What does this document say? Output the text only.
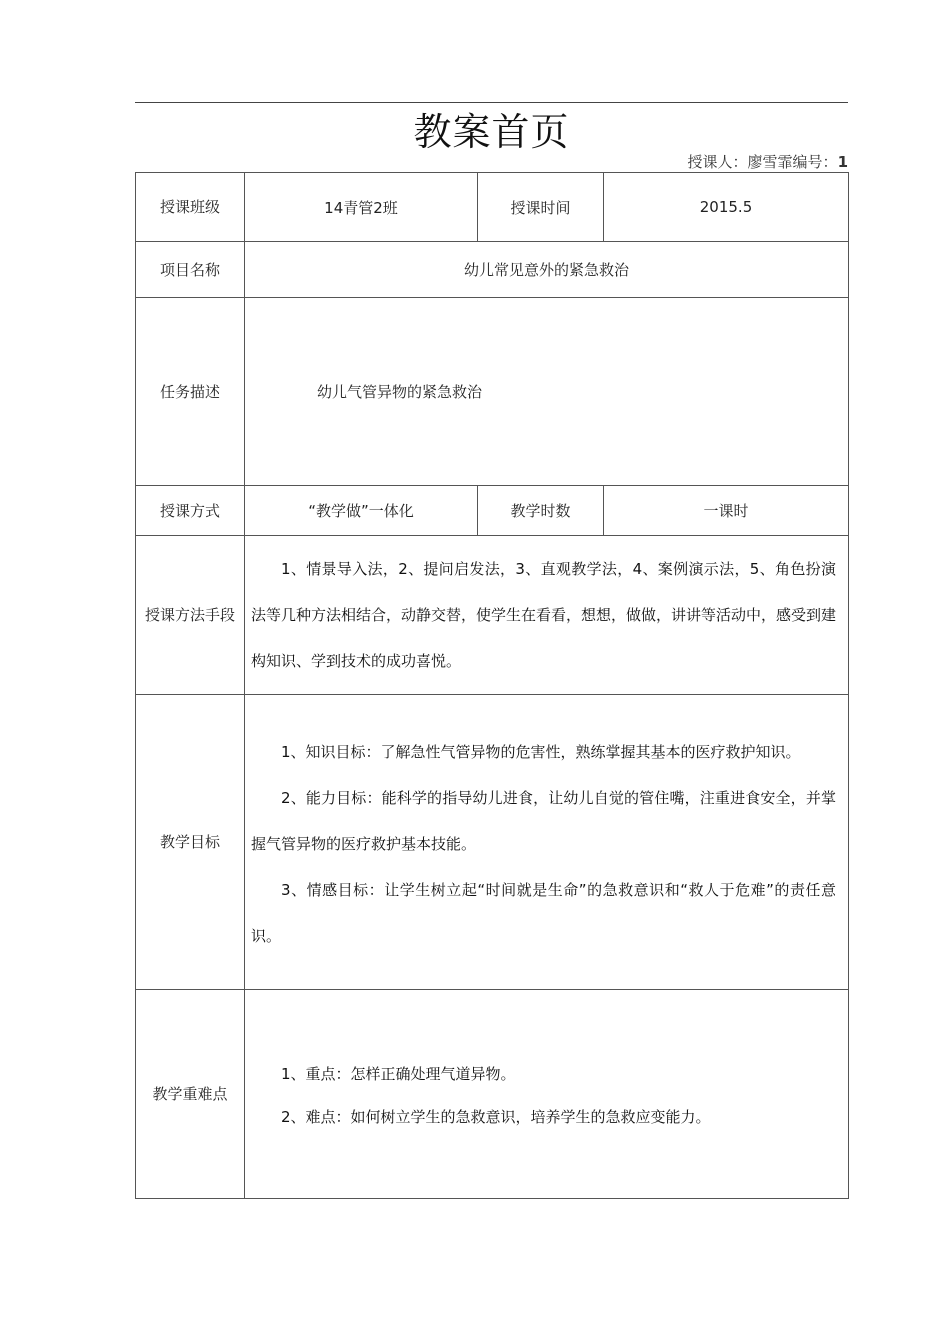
教案首页
授课人：廖雪霏编号：1
授课班级	14青管2班	授课时间	2015.5
项目名称	幼儿常见意外的紧急救治		
任务描述	幼儿气管异物的紧急救治		
授课方式	“教学做”一体化	教学时数	一课时
授课方法手段	1、情景导入法，2、提问启发法，3、直观教学法，4、案例演示法，5、角色扮演法等几种方法相结合，动静交替，使学生在看看，想想，做做，讲讲等活动中，感受到建构知识、学到技术的成功喜悦。		

教学目标	1、知识目标：了解急性气管异物的危害性，熟练掌握其基本的医疗救护知识。

2、能力目标：能科学的指导幼儿进食，让幼儿自觉的管住嘴，注重进食安全，并掌握气管异物的医疗救护基本技能。

3、情感目标：让学生树立起“时间就是生命”的急救意识和“救人于危难”的责任意识。		

教学重难点	1、重点：怎样正确处理气道异物。

2、难点：如何树立学生的急救意识，培养学生的急救应变能力。		
